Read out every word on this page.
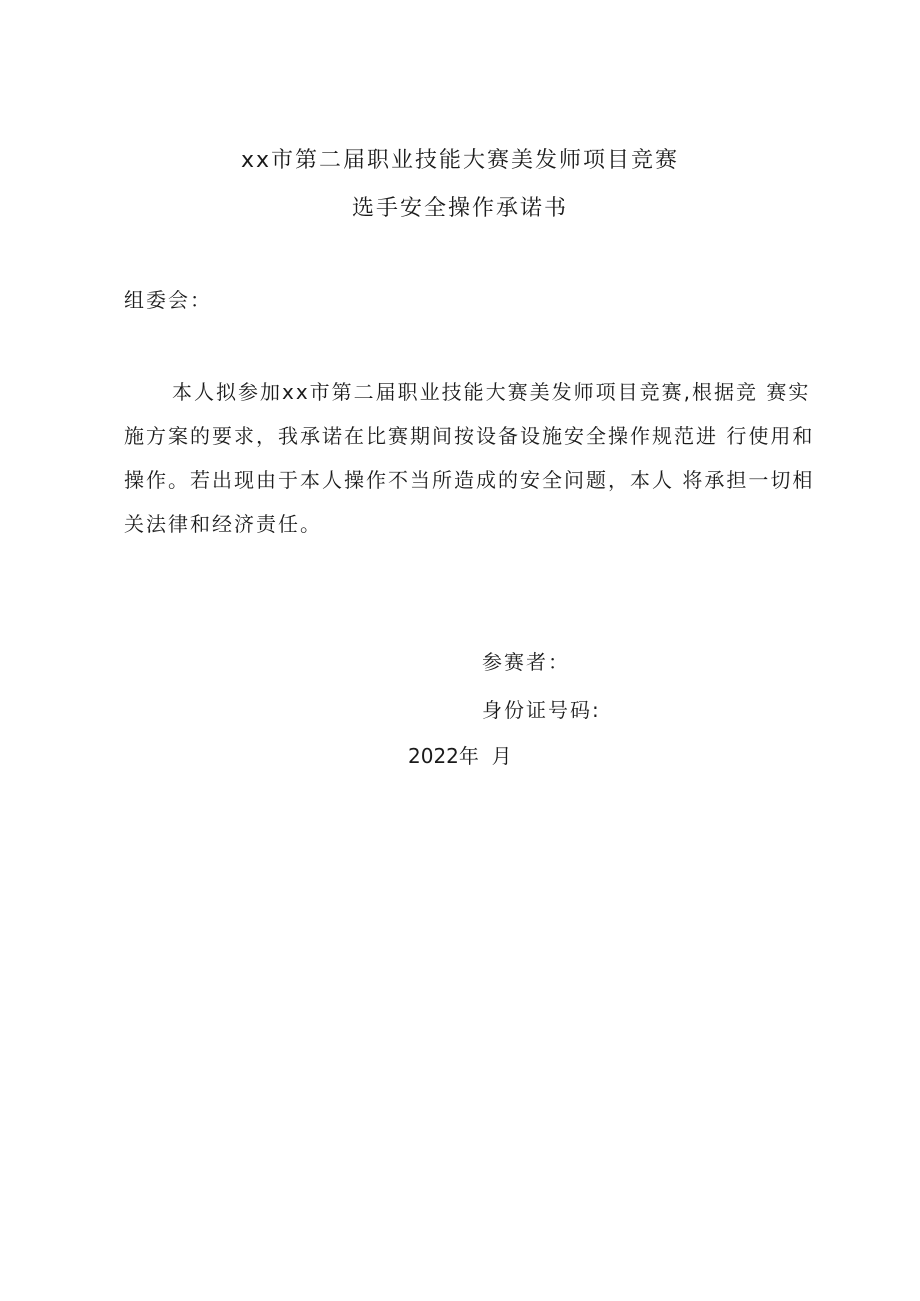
xx市第二届职业技能大赛美发师项目竞赛
选手安全操作承诺书
组委会：
本人拟参加xx市第二届职业技能大赛美发师项目竞赛,根据竞 赛实
施方案的要求，我承诺在比赛期间按设备设施安全操作规范进 行使用和
操作。若出现由于本人操作不当所造成的安全问题，本人 将承担一切相
关法律和经济责任。
参赛者：
身份证号码:
2022年  月
